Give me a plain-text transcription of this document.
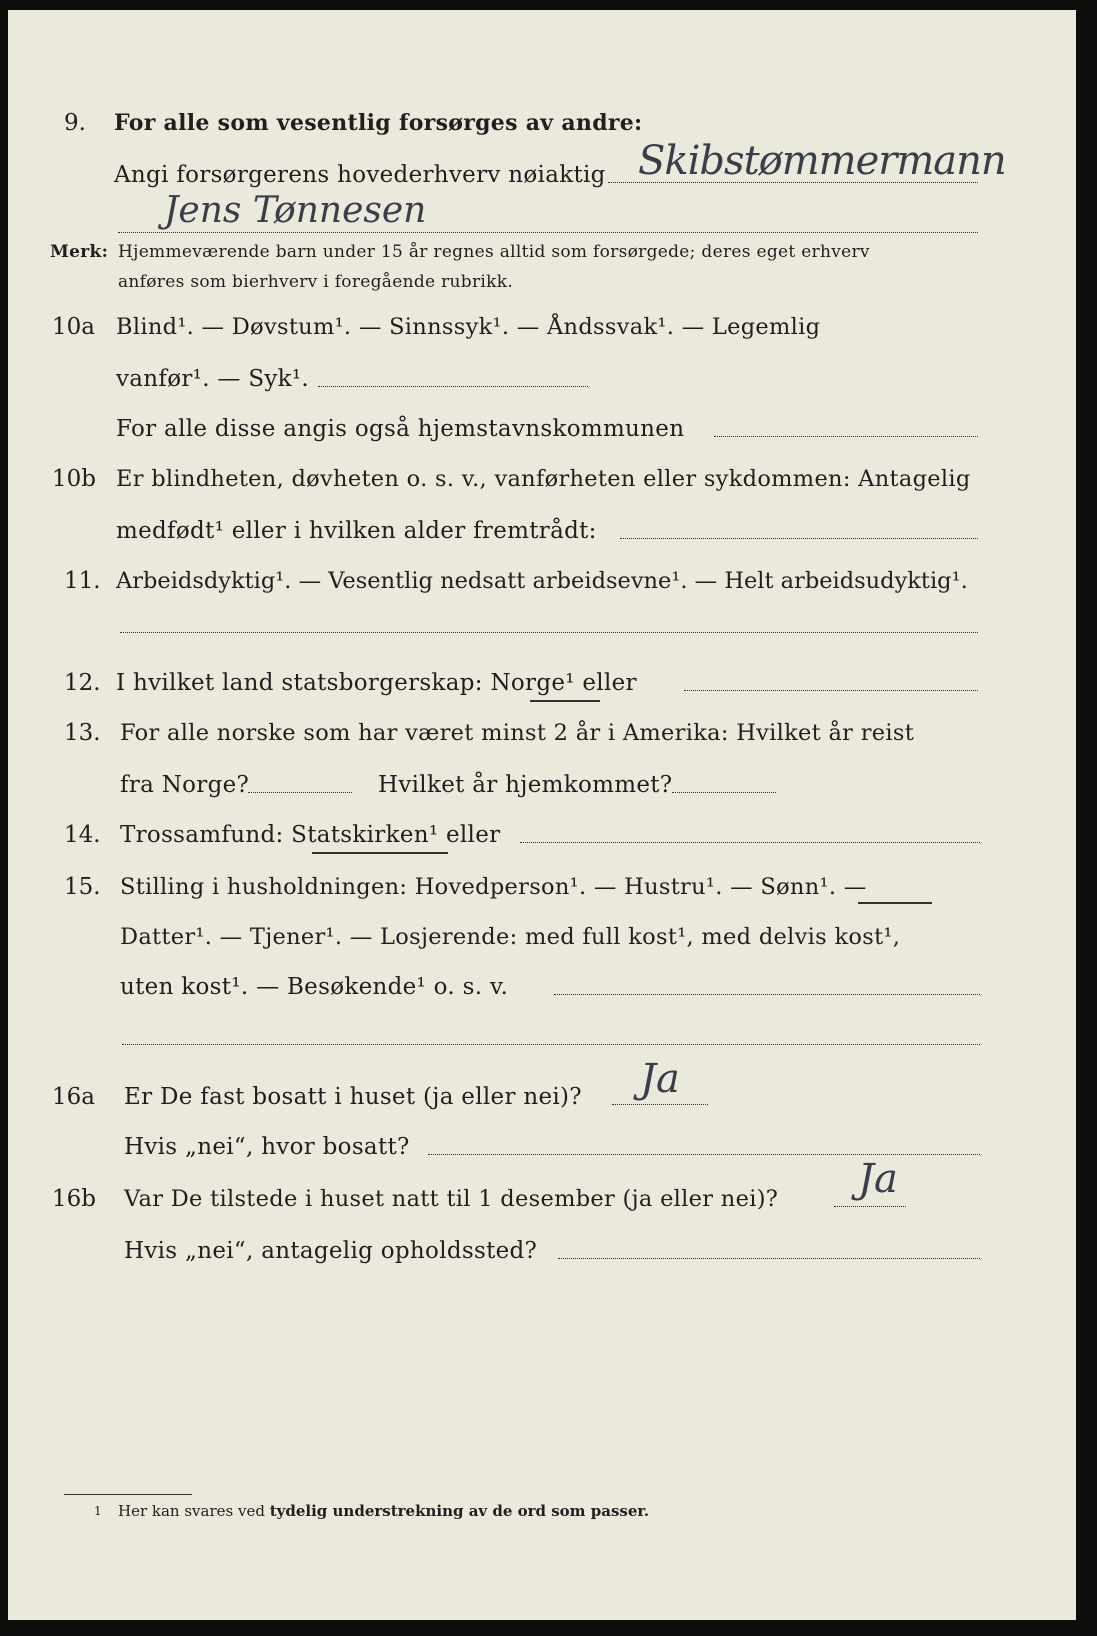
9. For alle som vesentlig forsørges av andre:
Angi forsørgerens hovederhverv nøiaktig Skibstømmermann
Jens Tønnesen
Merk: Hjemmeværende barn under 15 år regnes alltid som forsørgede; deres eget erhverv
anføres som bierhverv i foregående rubrikk.
10a Blind¹. — Døvstum¹. — Sinnssyk¹. — Åndssvak¹. — Legemlig
vanfør¹. — Syk¹.
For alle disse angis også hjemstavnskommunen
10b Er blindheten, døvheten o. s. v., vanførheten eller sykdommen: Antagelig
medfødt¹ eller i hvilken alder fremtrådt:
11. Arbeidsdyktig¹. — Vesentlig nedsatt arbeidsevne¹. — Helt arbeidsudyktig¹.
12. I hvilket land statsborgerskap: Norge¹ eller
13. For alle norske som har været minst 2 år i Amerika: Hvilket år reist
fra Norge?	Hvilket år hjemkommet?
14. Trossamfund: Statskirken¹ eller
15. Stilling i husholdningen: Hovedperson¹. — Hustru¹. — Sønn¹. —
Datter¹. — Tjener¹. — Losjerende: med full kost¹, med delvis kost¹,
uten kost¹. — Besøkende¹ o. s. v.
16a Er De fast bosatt i huset (ja eller nei)? Ja
Hvis „nei“, hvor bosatt?
16b Var De tilstede i huset natt til 1 desember (ja eller nei)? Ja
Hvis „nei“, antagelig opholdssted?
1 Her kan svares ved tydelig understrekning av de ord som passer.
